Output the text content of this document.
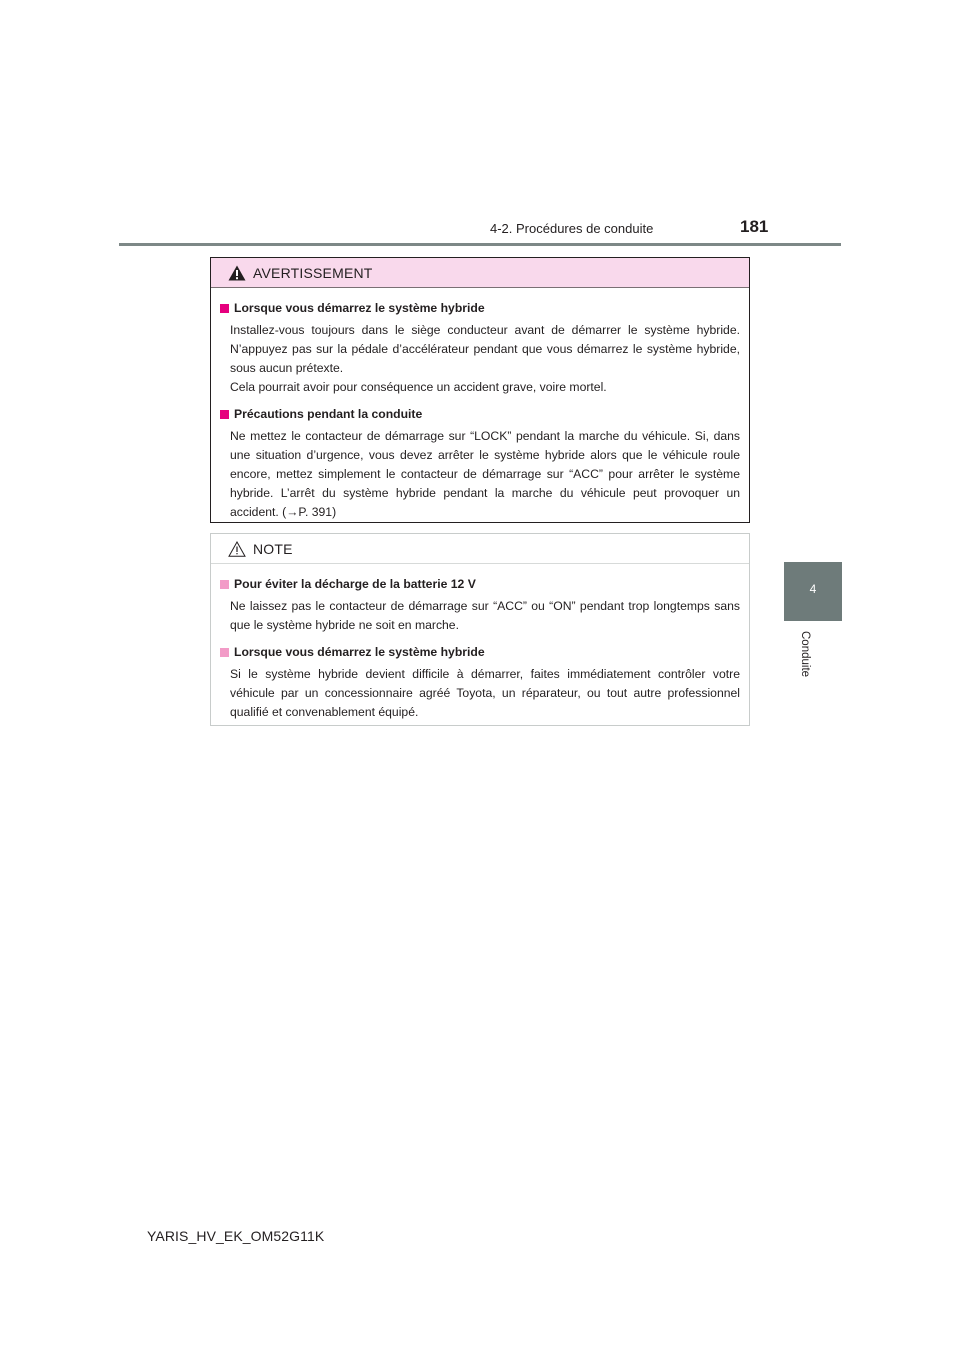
4-2. Procédures de conduite	181
4
Conduite
AVERTISSEMENT
Lorsque vous démarrez le système hybride

Installez-vous toujours dans le siège conducteur avant de démarrer le système hybride. N’appuyez pas sur la pédale d’accélérateur pendant que vous démarrez le système hybride, sous aucun prétexte.

Cela pourrait avoir pour conséquence un accident grave, voire mortel.

Précautions pendant la conduite

Ne mettez le contacteur de démarrage sur “LOCK” pendant la marche du véhicule. Si, dans une situation d’urgence, vous devez arrêter le système hybride alors que le véhicule roule encore, mettez simplement le contacteur de démarrage sur “ACC” pour arrêter le système hybride. L’arrêt du système hybride pendant la marche du véhicule peut provoquer un accident. (→P. 391)

NOTE
Pour éviter la décharge de la batterie 12 V

Ne laissez pas le contacteur de démarrage sur “ACC” ou “ON” pendant trop longtemps sans que le système hybride ne soit en marche.

Lorsque vous démarrez le système hybride

Si le système hybride devient difficile à démarrer, faites immédiatement contrôler votre véhicule par un concessionnaire agréé Toyota, un réparateur, ou tout autre professionnel qualifié et convenablement équipé.

YARIS_HV_EK_OM52G11K
